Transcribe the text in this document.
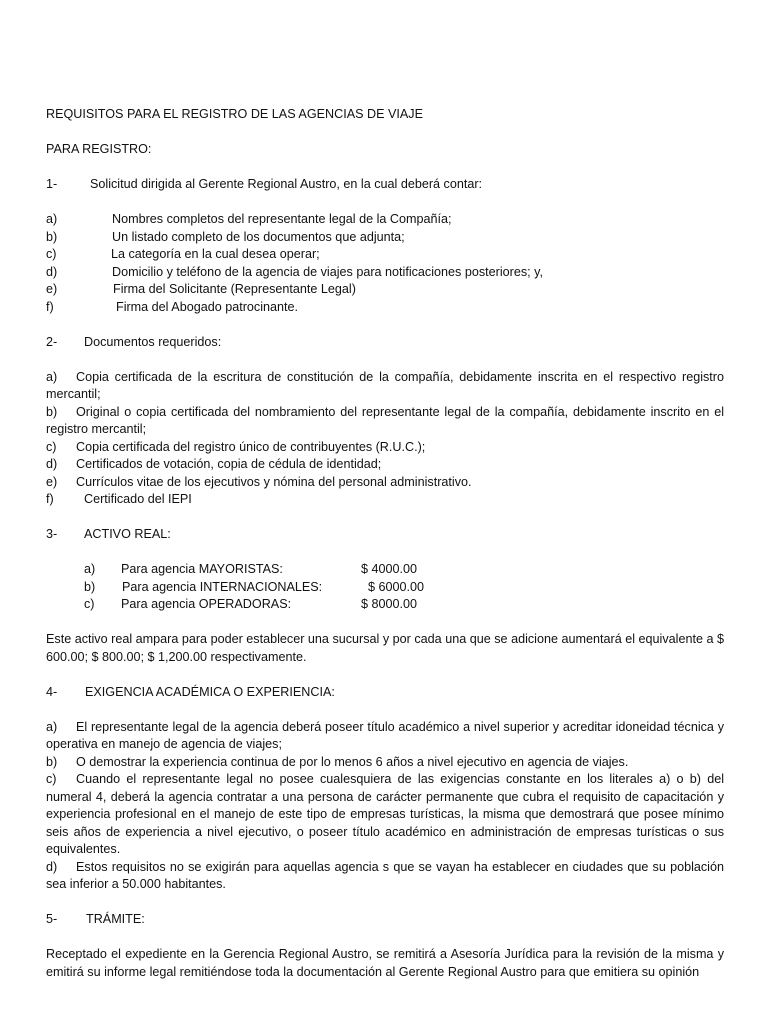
REQUISITOS PARA EL REGISTRO DE LAS AGENCIAS DE VIAJE
PARA REGISTRO:
1-	Solicitud dirigida al Gerente Regional Austro, en la cual deberá contar:
a)	Nombres completos del representante legal de la Compañía;
b)	Un listado completo de los documentos que adjunta;
c)	La categoría en la cual desea operar;
d)	Domicilio y teléfono de la agencia de viajes para notificaciones posteriores; y,
e)	Firma del Solicitante (Representante Legal)
f)	Firma del Abogado patrocinante.
2- Documentos requeridos:
a) Copia certificada de la escritura de constitución de la compañía, debidamente inscrita en el respectivo registro mercantil;
b) Original o copia certificada del nombramiento del representante legal de la compañía, debidamente inscrito en el registro mercantil;
c) Copia certificada del registro único de contribuyentes (R.U.C.);
d) Certificados de votación, copia de cédula de identidad;
e) Currículos vitae de los ejecutivos y nómina del personal administrativo.
f) Certificado del IEPI
3- ACTIVO REAL:
a) Para agencia MAYORISTAS:	$ 4000.00
b) Para agencia INTERNACIONALES:	$ 6000.00
c) Para agencia OPERADORAS:	$ 8000.00
Este activo real ampara para poder establecer una sucursal y por cada una que se adicione aumentará el equivalente a $ 600.00; $ 800.00; $ 1,200.00 respectivamente.
4- EXIGENCIA ACADÉMICA O EXPERIENCIA:
a) El representante legal de la agencia deberá poseer título académico a nivel superior y acreditar idoneidad técnica y operativa en manejo de agencia de viajes;
b) O demostrar la experiencia continua de por lo menos 6 años a nivel ejecutivo en agencia de viajes.
c) Cuando el representante legal no posee cualesquiera de las exigencias constante en los literales a) o b) del numeral 4, deberá la agencia contratar a una persona de carácter permanente que cubra el requisito de capacitación y experiencia profesional en el manejo de este tipo de empresas turísticas, la misma que demostrará que posee mínimo seis años de experiencia a nivel ejecutivo, o poseer título académico en administración de empresas turísticas o sus equivalentes.
d) Estos requisitos no se exigirán para aquellas agencia s que se vayan ha establecer en ciudades que su población sea inferior a 50.000 habitantes.
5- TRÁMITE:
Receptado el expediente en la Gerencia Regional Austro, se remitirá a Asesoría Jurídica para la revisión de la misma y emitirá su informe legal remitiéndose toda la documentación al Gerente Regional Austro para que emitiera su opinión
